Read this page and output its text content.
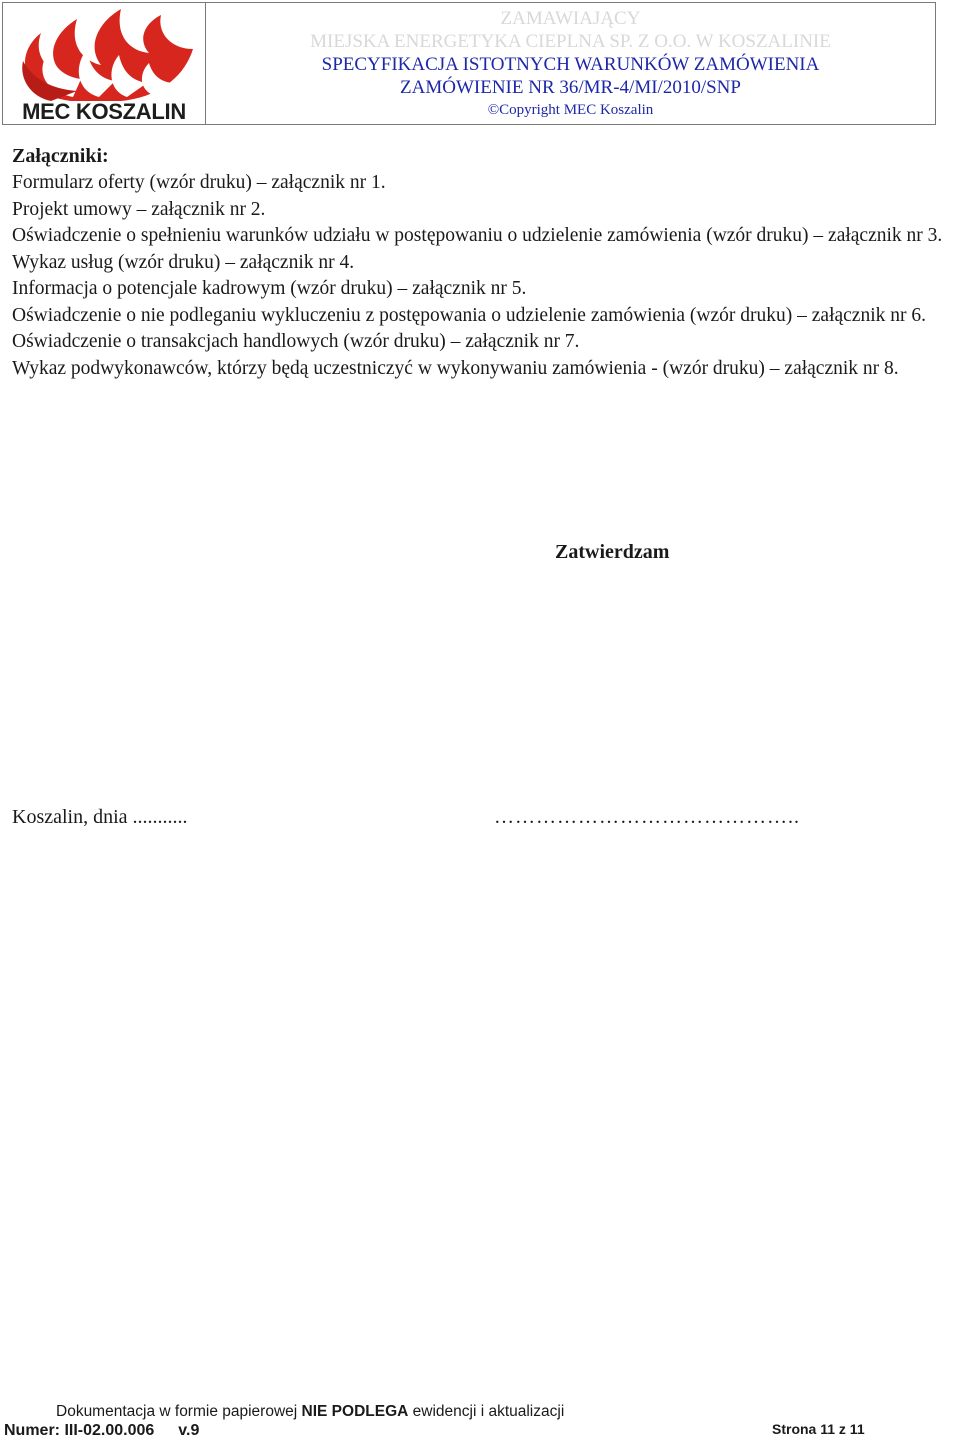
MEC KOSZALIN
ZAMAWIAJĄCY
MIEJSKA ENERGETYKA CIEPLNA SP. Z O.O. W KOSZALINIE
SPECYFIKACJA ISTOTNYCH WARUNKÓW ZAMÓWIENIA
ZAMÓWIENIE NR 36/MR-4/MI/2010/SNP
©Copyright MEC Koszalin
Załączniki:
Formularz oferty (wzór druku) – załącznik nr 1.
Projekt umowy – załącznik nr 2.
Oświadczenie o spełnieniu warunków udziału w postępowaniu o udzielenie zamówienia (wzór druku) – załącznik nr 3.
Wykaz usług (wzór druku) – załącznik nr 4.
Informacja o potencjale kadrowym (wzór druku) – załącznik nr 5.
Oświadczenie o nie podleganiu wykluczeniu z postępowania o udzielenie zamówienia (wzór druku) – załącznik nr 6.
Oświadczenie o transakcjach handlowych (wzór druku) – załącznik nr 7.
Wykaz podwykonawców, którzy będą uczestniczyć w wykonywaniu zamówienia - (wzór druku) – załącznik nr 8.
Zatwierdzam
Koszalin, dnia ...........	……………………………………..
Dokumentacja w formie papierowej NIE PODLEGA ewidencji i aktualizacji
Numer: III-02.00.006 v.9	Strona 11 z 11
